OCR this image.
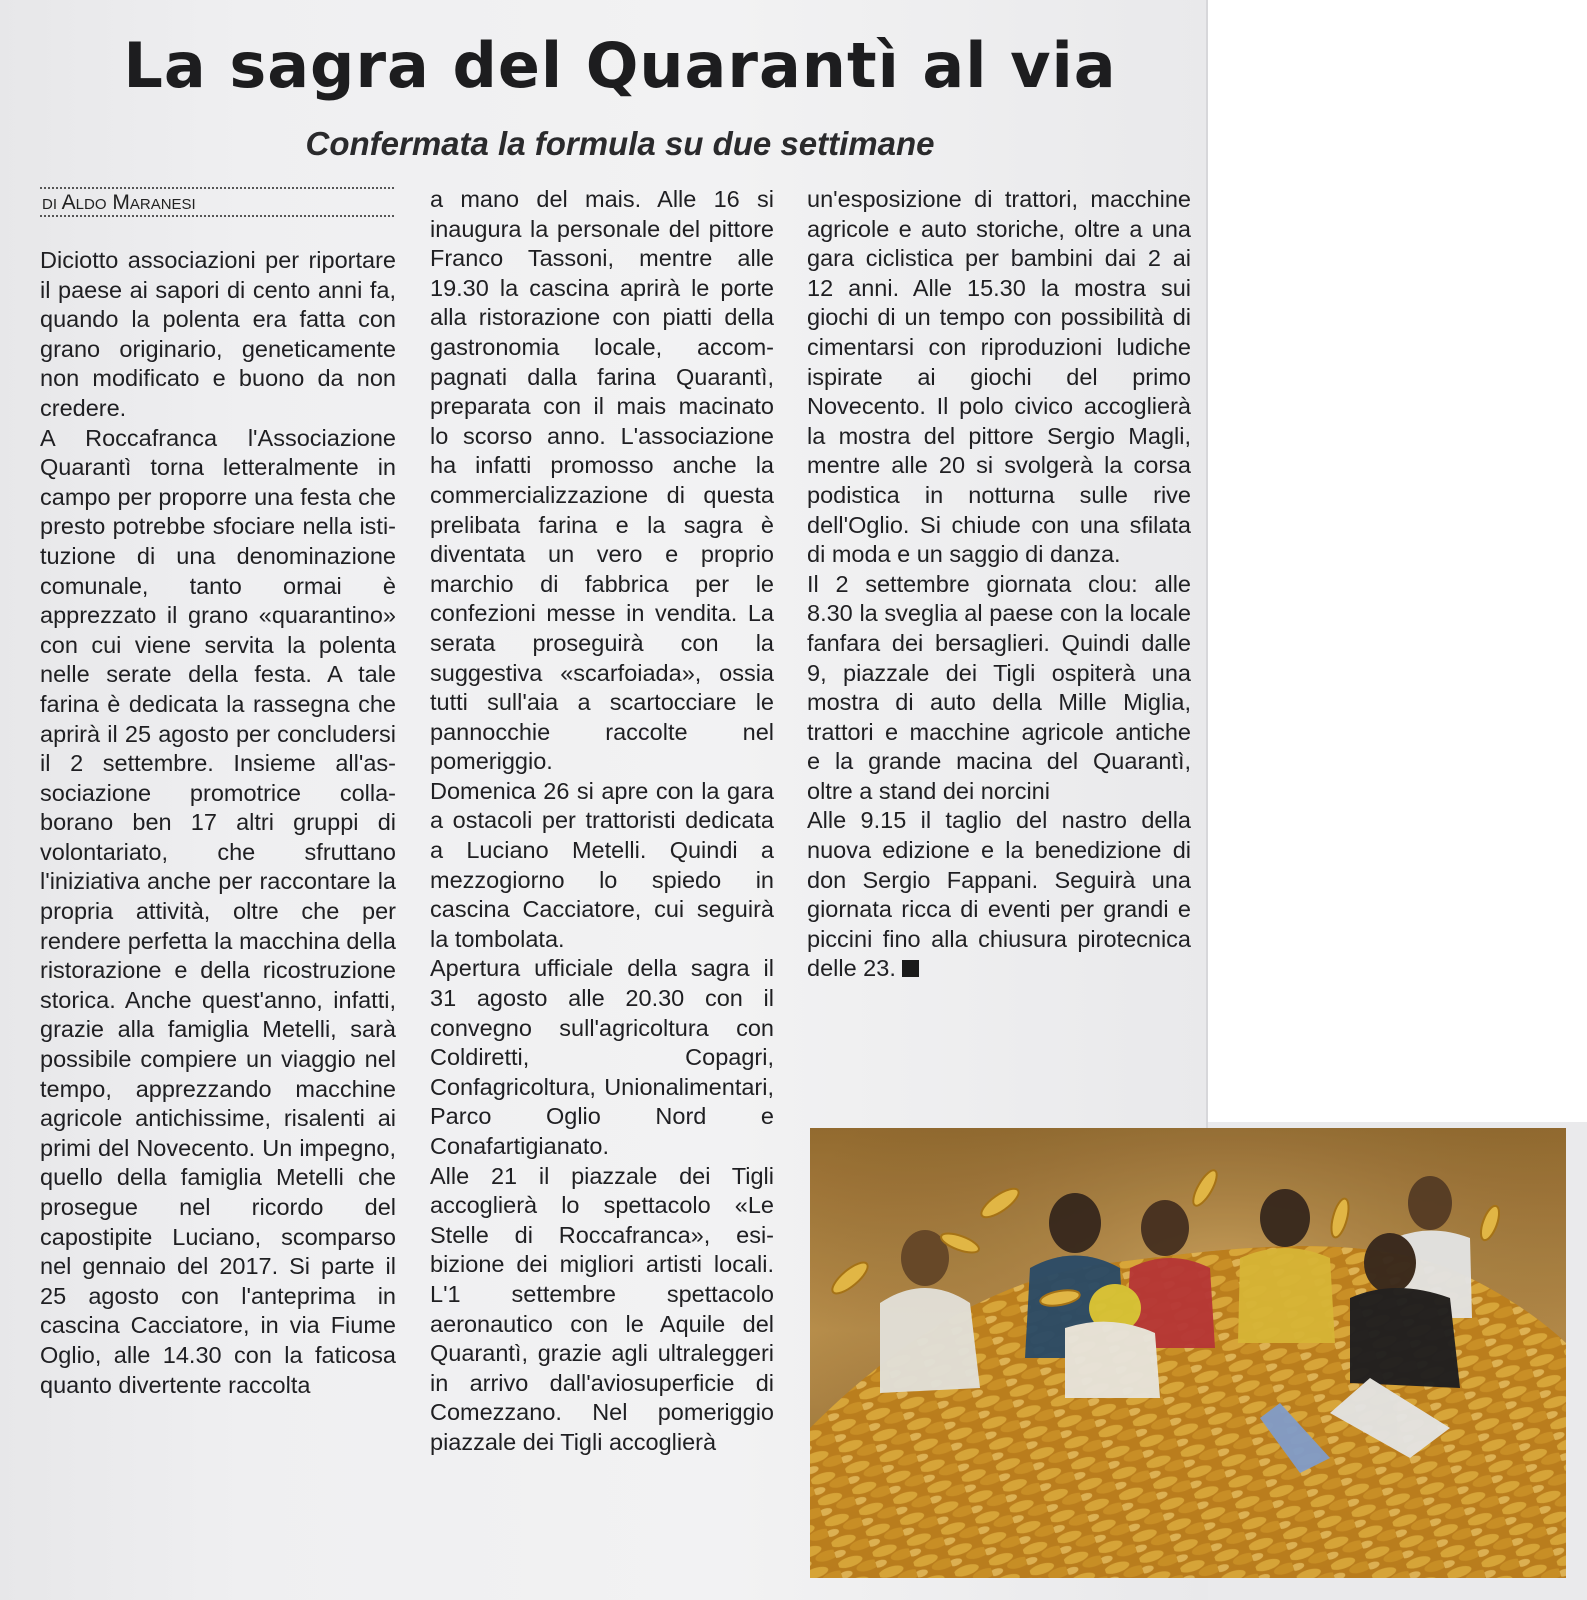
La sagra del Quarantì al via
Confermata la formula su due settimane
di Aldo Maranesi

Diciotto associazioni per riportare il paese ai sapori di cento anni fa, quando la polenta era fatta con grano originario, geneticamente non modificato e buono da non credere.

A Roccafranca l'Associazione Quarantì torna letteralmente in campo per proporre una festa che presto potrebbe sfociare nella istituzione di una denominazione comunale, tanto ormai è apprezzato il grano «quarantino» con cui viene servita la polenta nelle serate della festa. A tale farina è dedicata la rassegna che aprirà il 25 agosto per concludersi il 2 settembre. Insieme all'associazione promotrice collaborano ben 17 altri gruppi di volontariato, che sfruttano l'iniziativa anche per raccontare la propria attività, oltre che per rendere perfetta la macchina della ristorazione e della ricostruzione storica. Anche quest'anno, infatti, grazie alla famiglia Metelli, sarà possibile compiere un viaggio nel tempo, apprezzando macchine agricole antichissime, risalenti ai primi del Novecento. Un impegno, quello della famiglia Metelli che prosegue nel ricordo del capostipite Luciano, scomparso nel gennaio del 2017. Si parte il 25 agosto con l'anteprima in cascina Cacciatore, in via Fiume Oglio, alle 14.30 con la faticosa quanto divertente raccolta

a mano del mais. Alle 16 si inaugura la personale del pittore Franco Tassoni, mentre alle 19.30 la cascina aprirà le porte alla ristorazione con piatti della gastronomia locale, accompagnati dalla farina Quarantì, preparata con il mais macinato lo scorso anno. L'associazione ha infatti promosso anche la commercializzazione di questa prelibata farina e la sagra è diventata un vero e proprio marchio di fabbrica per le confezioni messe in vendita. La serata proseguirà con la suggestiva «scarfoiada», ossia tutti sull'aia a scartocciare le pannocchie raccolte nel pomeriggio.

Domenica 26 si apre con la gara a ostacoli per trattoristi dedicata a Luciano Metelli. Quindi a mezzogiorno lo spiedo in cascina Cacciatore, cui seguirà la tombolata.

Apertura ufficiale della sagra il 31 agosto alle 20.30 con il convegno sull'agricoltura con Coldiretti, Copagri, Confagricoltura, Unionalimentari, Parco Oglio Nord e Conafartigianato.

Alle 21 il piazzale dei Tigli accoglierà lo spettacolo «Le Stelle di Roccafranca», esibizione dei migliori artisti locali. L'1 settembre spettacolo aeronautico con le Aquile del Quarantì, grazie agli ultraleggeri in arrivo dall'aviosuperficie di Comezzano. Nel pomeriggio piazzale dei Tigli accoglierà

un'esposizione di trattori, macchine agricole e auto storiche, oltre a una gara ciclistica per bambini dai 2 ai 12 anni. Alle 15.30 la mostra sui giochi di un tempo con possibilità di cimentarsi con riproduzioni ludiche ispirate ai giochi del primo Novecento. Il polo civico accoglierà la mostra del pittore Sergio Magli, mentre alle 20 si svolgerà la corsa podistica in notturna sulle rive dell'Oglio. Si chiude con una sfilata di moda e un saggio di danza.

Il 2 settembre giornata clou: alle 8.30 la sveglia al paese con la locale fanfara dei bersaglieri. Quindi dalle 9, piazzale dei Tigli ospiterà una mostra di auto della Mille Miglia, trattori e macchine agricole antiche e la grande macina del Quarantì, oltre a stand dei norcini

Alle 9.15 il taglio del nastro della nuova edizione e la benedizione di don Sergio Fappani. Seguirà una giornata ricca di eventi per grandi e piccini fino alla chiusura pirotecnica delle 23.
